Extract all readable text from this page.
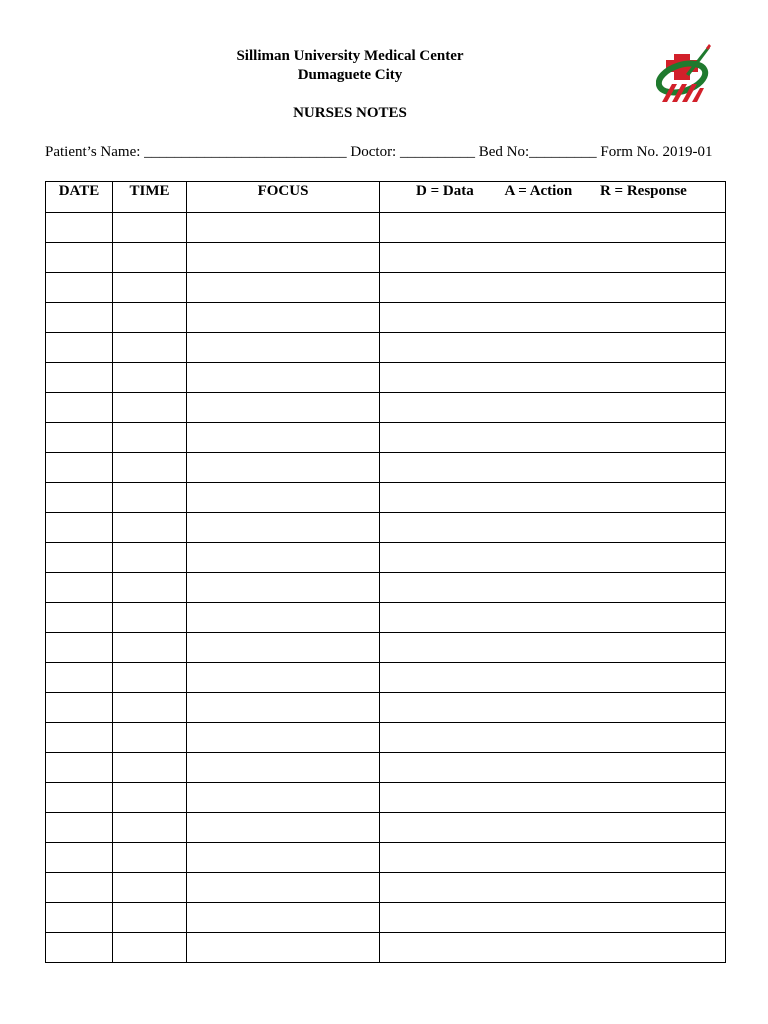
Silliman University Medical Center
Dumaguete City
NURSES NOTES
Patient’s Name: ___________________________ Doctor: __________ Bed No:_________ Form No. 2019-01
DATE	TIME	FOCUS	D = Data A = Action R = Response
